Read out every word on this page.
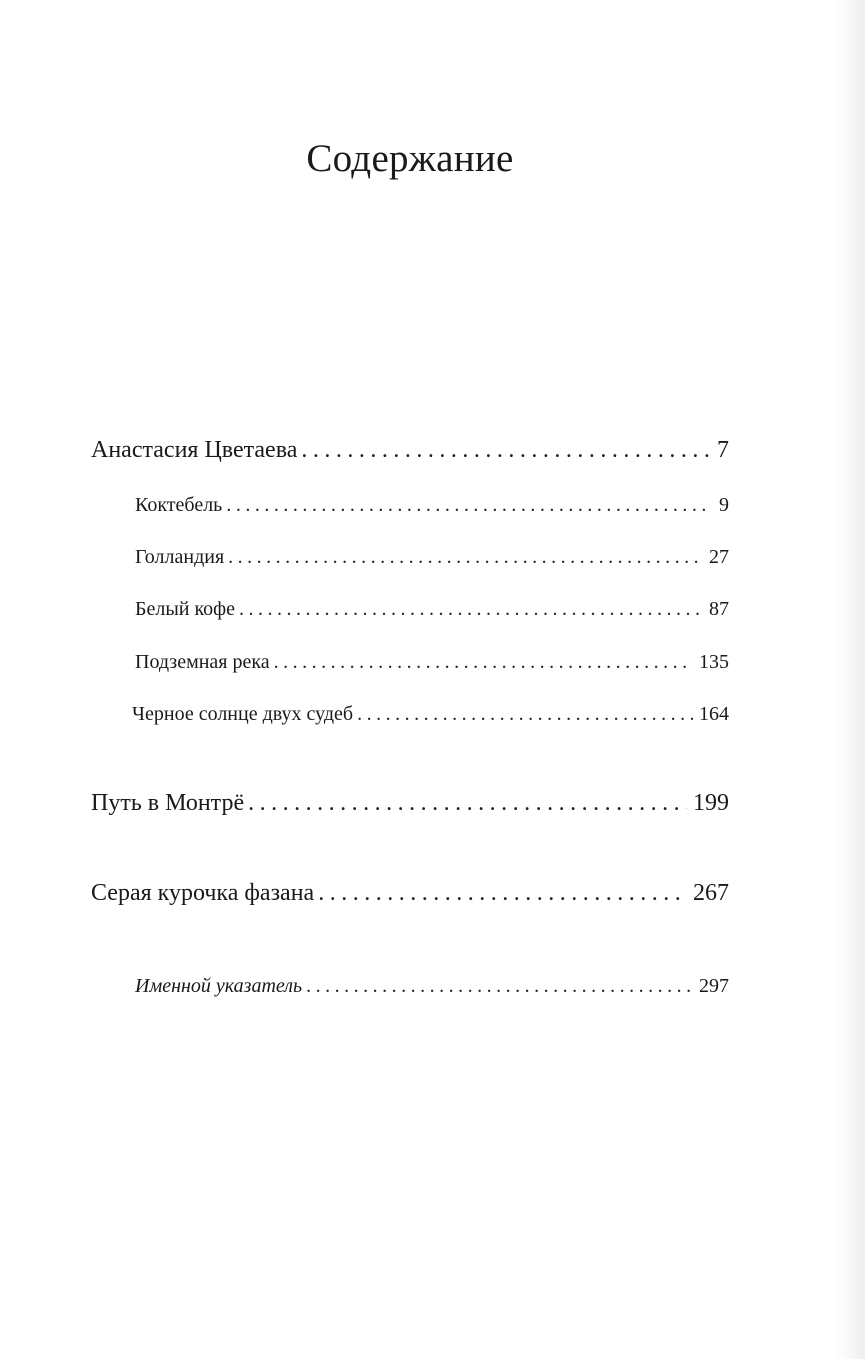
Содержание
Анастасия Цветаева . . .	7
Коктебель . . .	9
Голландия . . .	27
Белый кофе . . .	87
Подземная река . . .	135
Черное солнце двух судеб . . .	164
Путь в Монтрё . . .	199
Серая курочка фазана . . .	267
Именной указатель . . .	297
